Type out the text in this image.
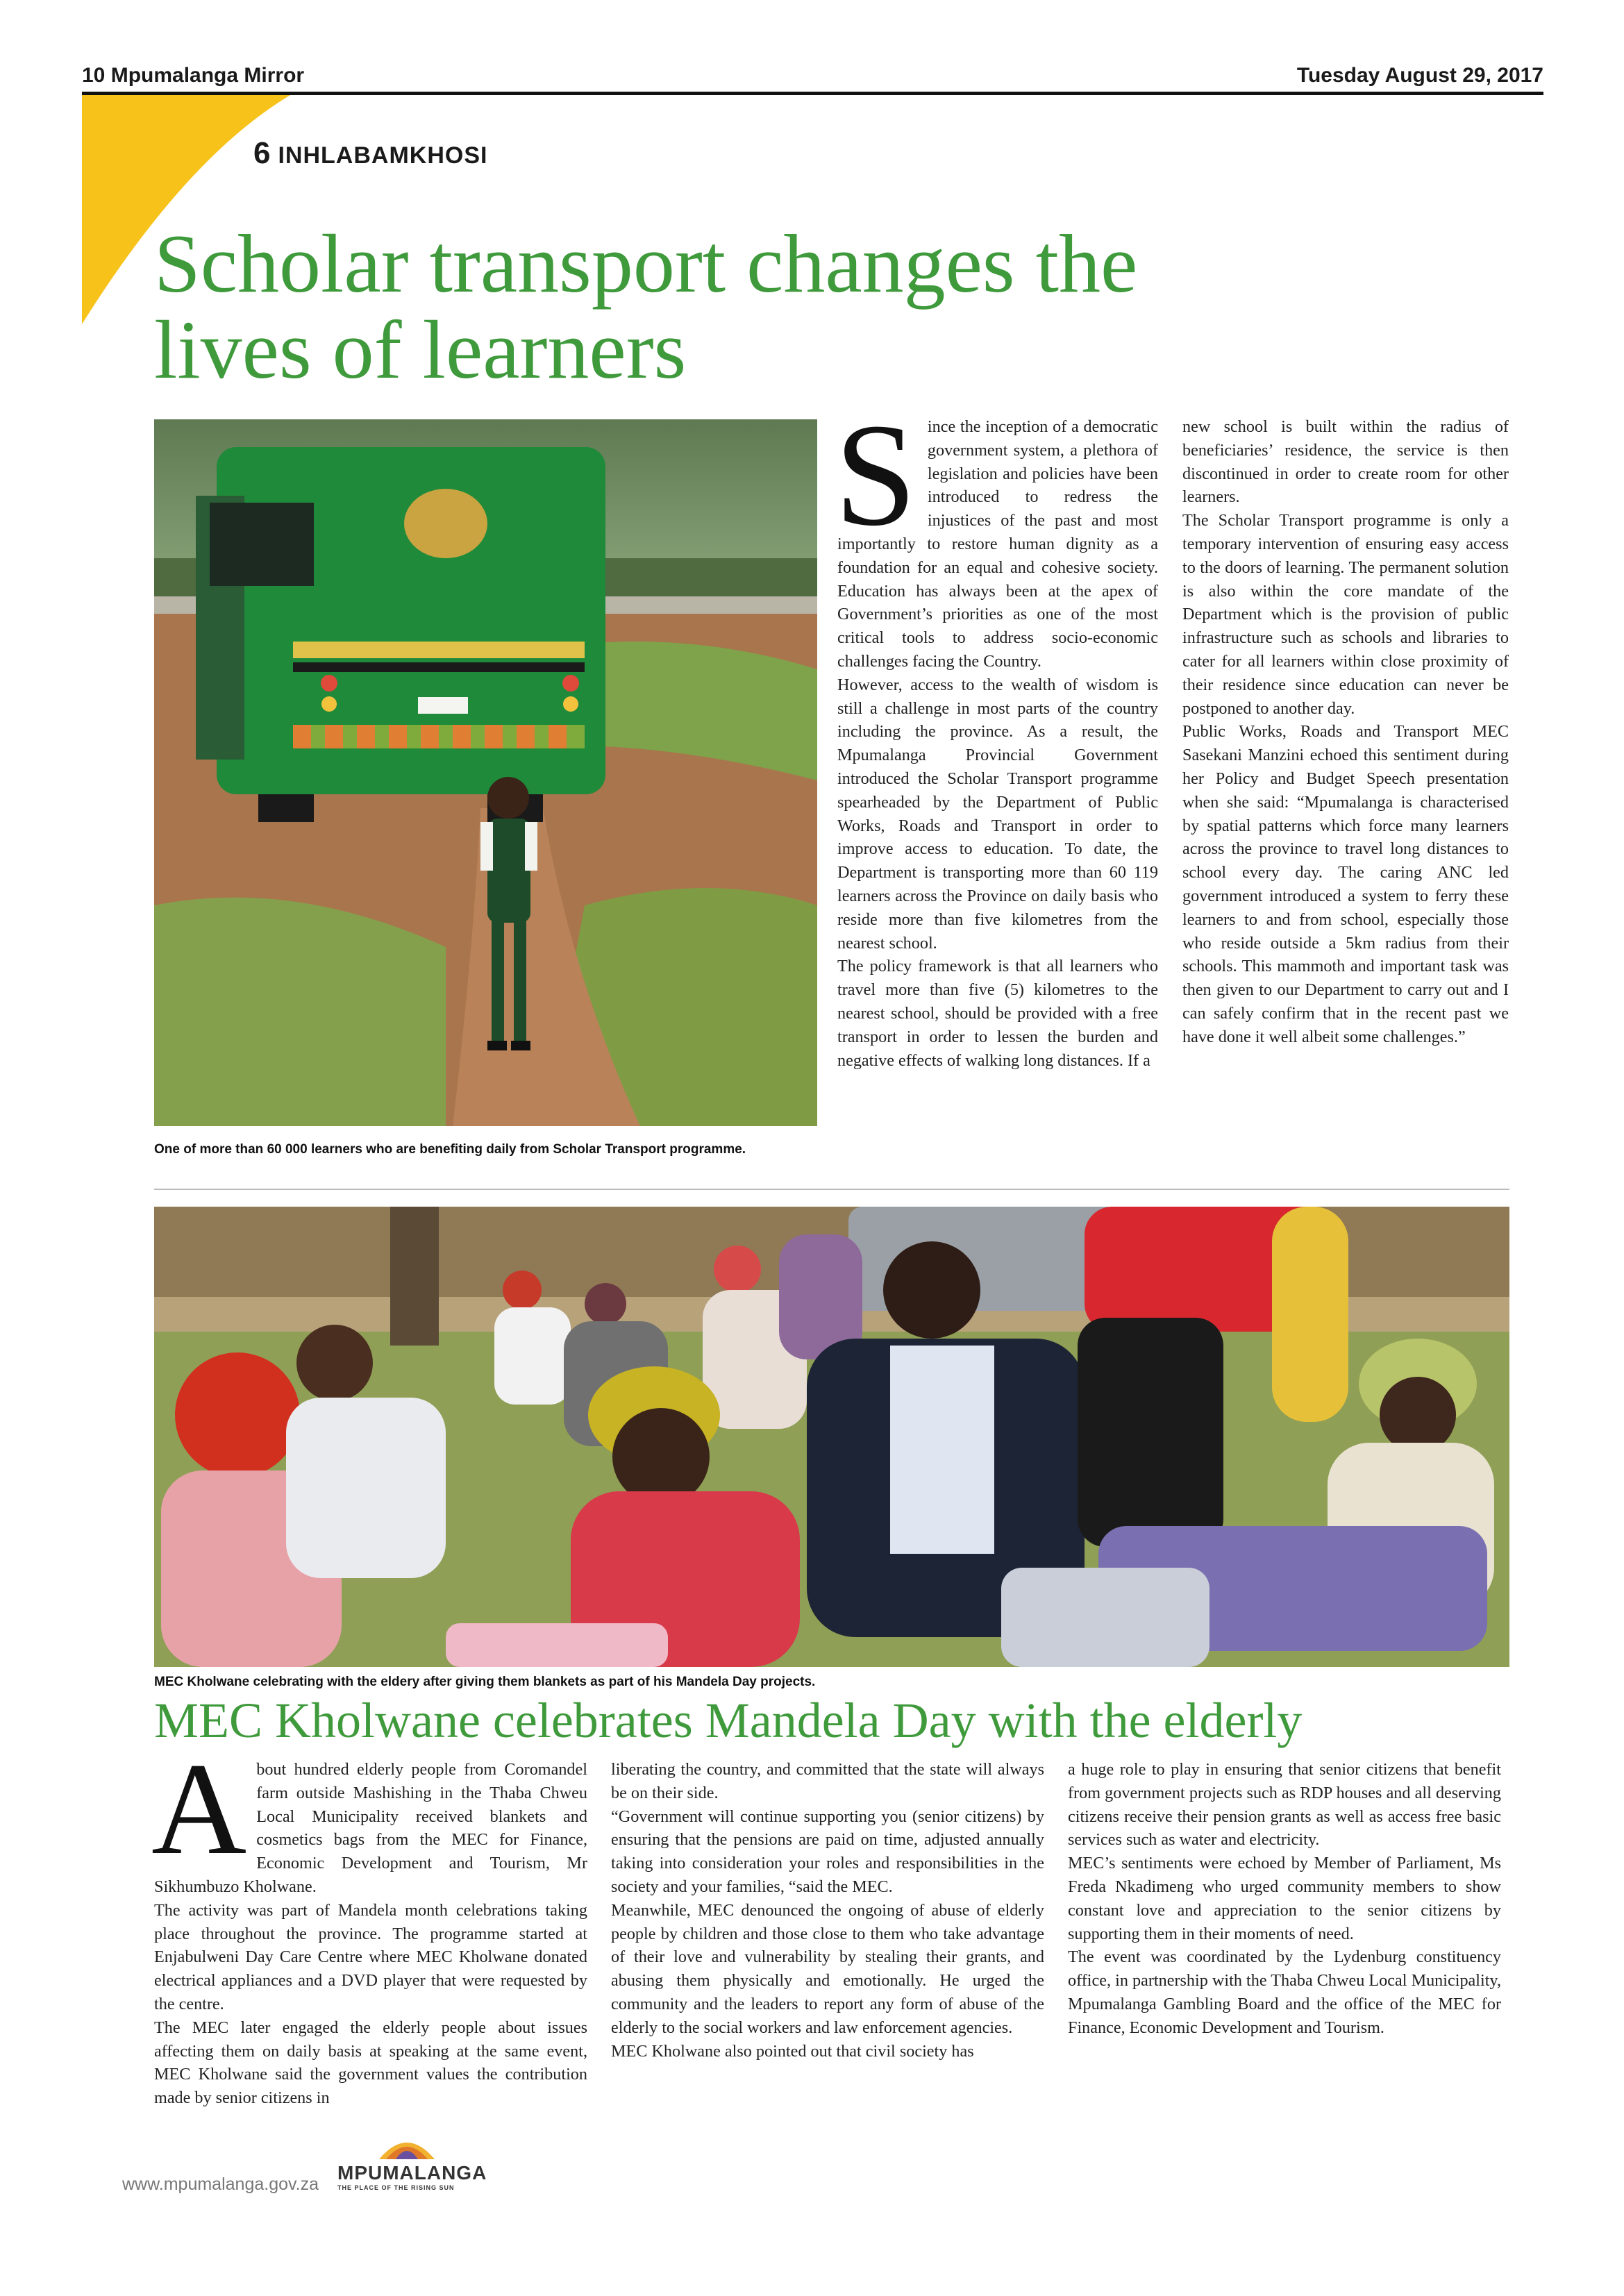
10 Mpumalanga Mirror	Tuesday August 29, 2017
6 INHLABAMKHOSI
Scholar transport changes the
lives of learners
One of more than 60 000 learners who are benefiting daily from Scholar Transport programme.
S ince the inception of a democratic government system, a plethora of legislation and policies have been introduced to redress the injustices of the past and most importantly to restore human dignity as a foundation for an equal and cohesive society. Education has always been at the apex of Government’s priorities as one of the most critical tools to address socio-economic challenges facing the Country.

However, access to the wealth of wisdom is still a challenge in most parts of the country including the province. As a result, the Mpumalanga Provincial Government introduced the Scholar Transport programme spearheaded by the Department of Public Works, Roads and Transport in order to improve access to education. To date, the Department is transporting more than 60 119 learners across the Province on daily basis who reside more than five kilometres from the nearest school.

The policy framework is that all learners who travel more than five (5) kilometres to the nearest school, should be provided with a free transport in order to lessen the burden and negative effects of walking long distances. If a

new school is built within the radius of beneficiaries’ residence, the service is then discontinued in order to create room for other learners.

The Scholar Transport programme is only a temporary intervention of ensuring easy access to the doors of learning. The permanent solution is also within the core mandate of the Department which is the provision of public infrastructure such as schools and libraries to cater for all learners within close proximity of their residence since education can never be postponed to another day.

Public Works, Roads and Transport MEC Sasekani Manzini echoed this sentiment during her Policy and Budget Speech presentation when she said: “Mpumalanga is characterised by spatial patterns which force many learners across the province to travel long distances to school every day. The caring ANC led government introduced a system to ferry these learners to and from school, especially those who reside outside a 5km radius from their schools. This mammoth and important task was then given to our Department to carry out and I can safely confirm that in the recent past we have done it well albeit some challenges.”

MEC Kholwane celebrating with the eldery after giving them blankets as part of his Mandela Day projects.
MEC Kholwane celebrates Mandela Day with the elderly
A bout hundred elderly people from Coromandel farm outside Mashishing in the Thaba Chweu Local Municipality received blankets and cosmetics bags from the MEC for Finance, Economic Development and Tourism, Mr Sikhumbuzo Kholwane.

The activity was part of Mandela month celebrations taking place throughout the province. The programme started at Enjabulweni Day Care Centre where MEC Kholwane donated electrical appliances and a DVD player that were requested by the centre.

The MEC later engaged the elderly people about issues affecting them on daily basis at speaking at the same event, MEC Kholwane said the government values the contribution made by senior citizens in

liberating the country, and committed that the state will always be on their side.

“Government will continue supporting you (senior citizens) by ensuring that the pensions are paid on time, adjusted annually taking into consideration your roles and responsibilities in the society and your families, “said the MEC.

Meanwhile, MEC denounced the ongoing of abuse of elderly people by children and those close to them who take advantage of their love and vulnerability by stealing their grants, and abusing them physically and emotionally. He urged the community and the leaders to report any form of abuse of the elderly to the social workers and law enforcement agencies.

MEC Kholwane also pointed out that civil society has

a huge role to play in ensuring that senior citizens that benefit from government projects such as RDP houses and all deserving citizens receive their pension grants as well as access free basic services such as water and electricity.

MEC’s sentiments were echoed by Member of Parliament, Ms Freda Nkadimeng who urged community members to show constant love and appreciation to the senior citizens by supporting them in their moments of need.

The event was coordinated by the Lydenburg constituency office, in partnership with the Thaba Chweu Local Municipality, Mpumalanga Gambling Board and the office of the MEC for Finance, Economic Development and Tourism.

www.mpumalanga.gov.za
MPUMALANGA
THE PLACE OF THE RISING SUN
